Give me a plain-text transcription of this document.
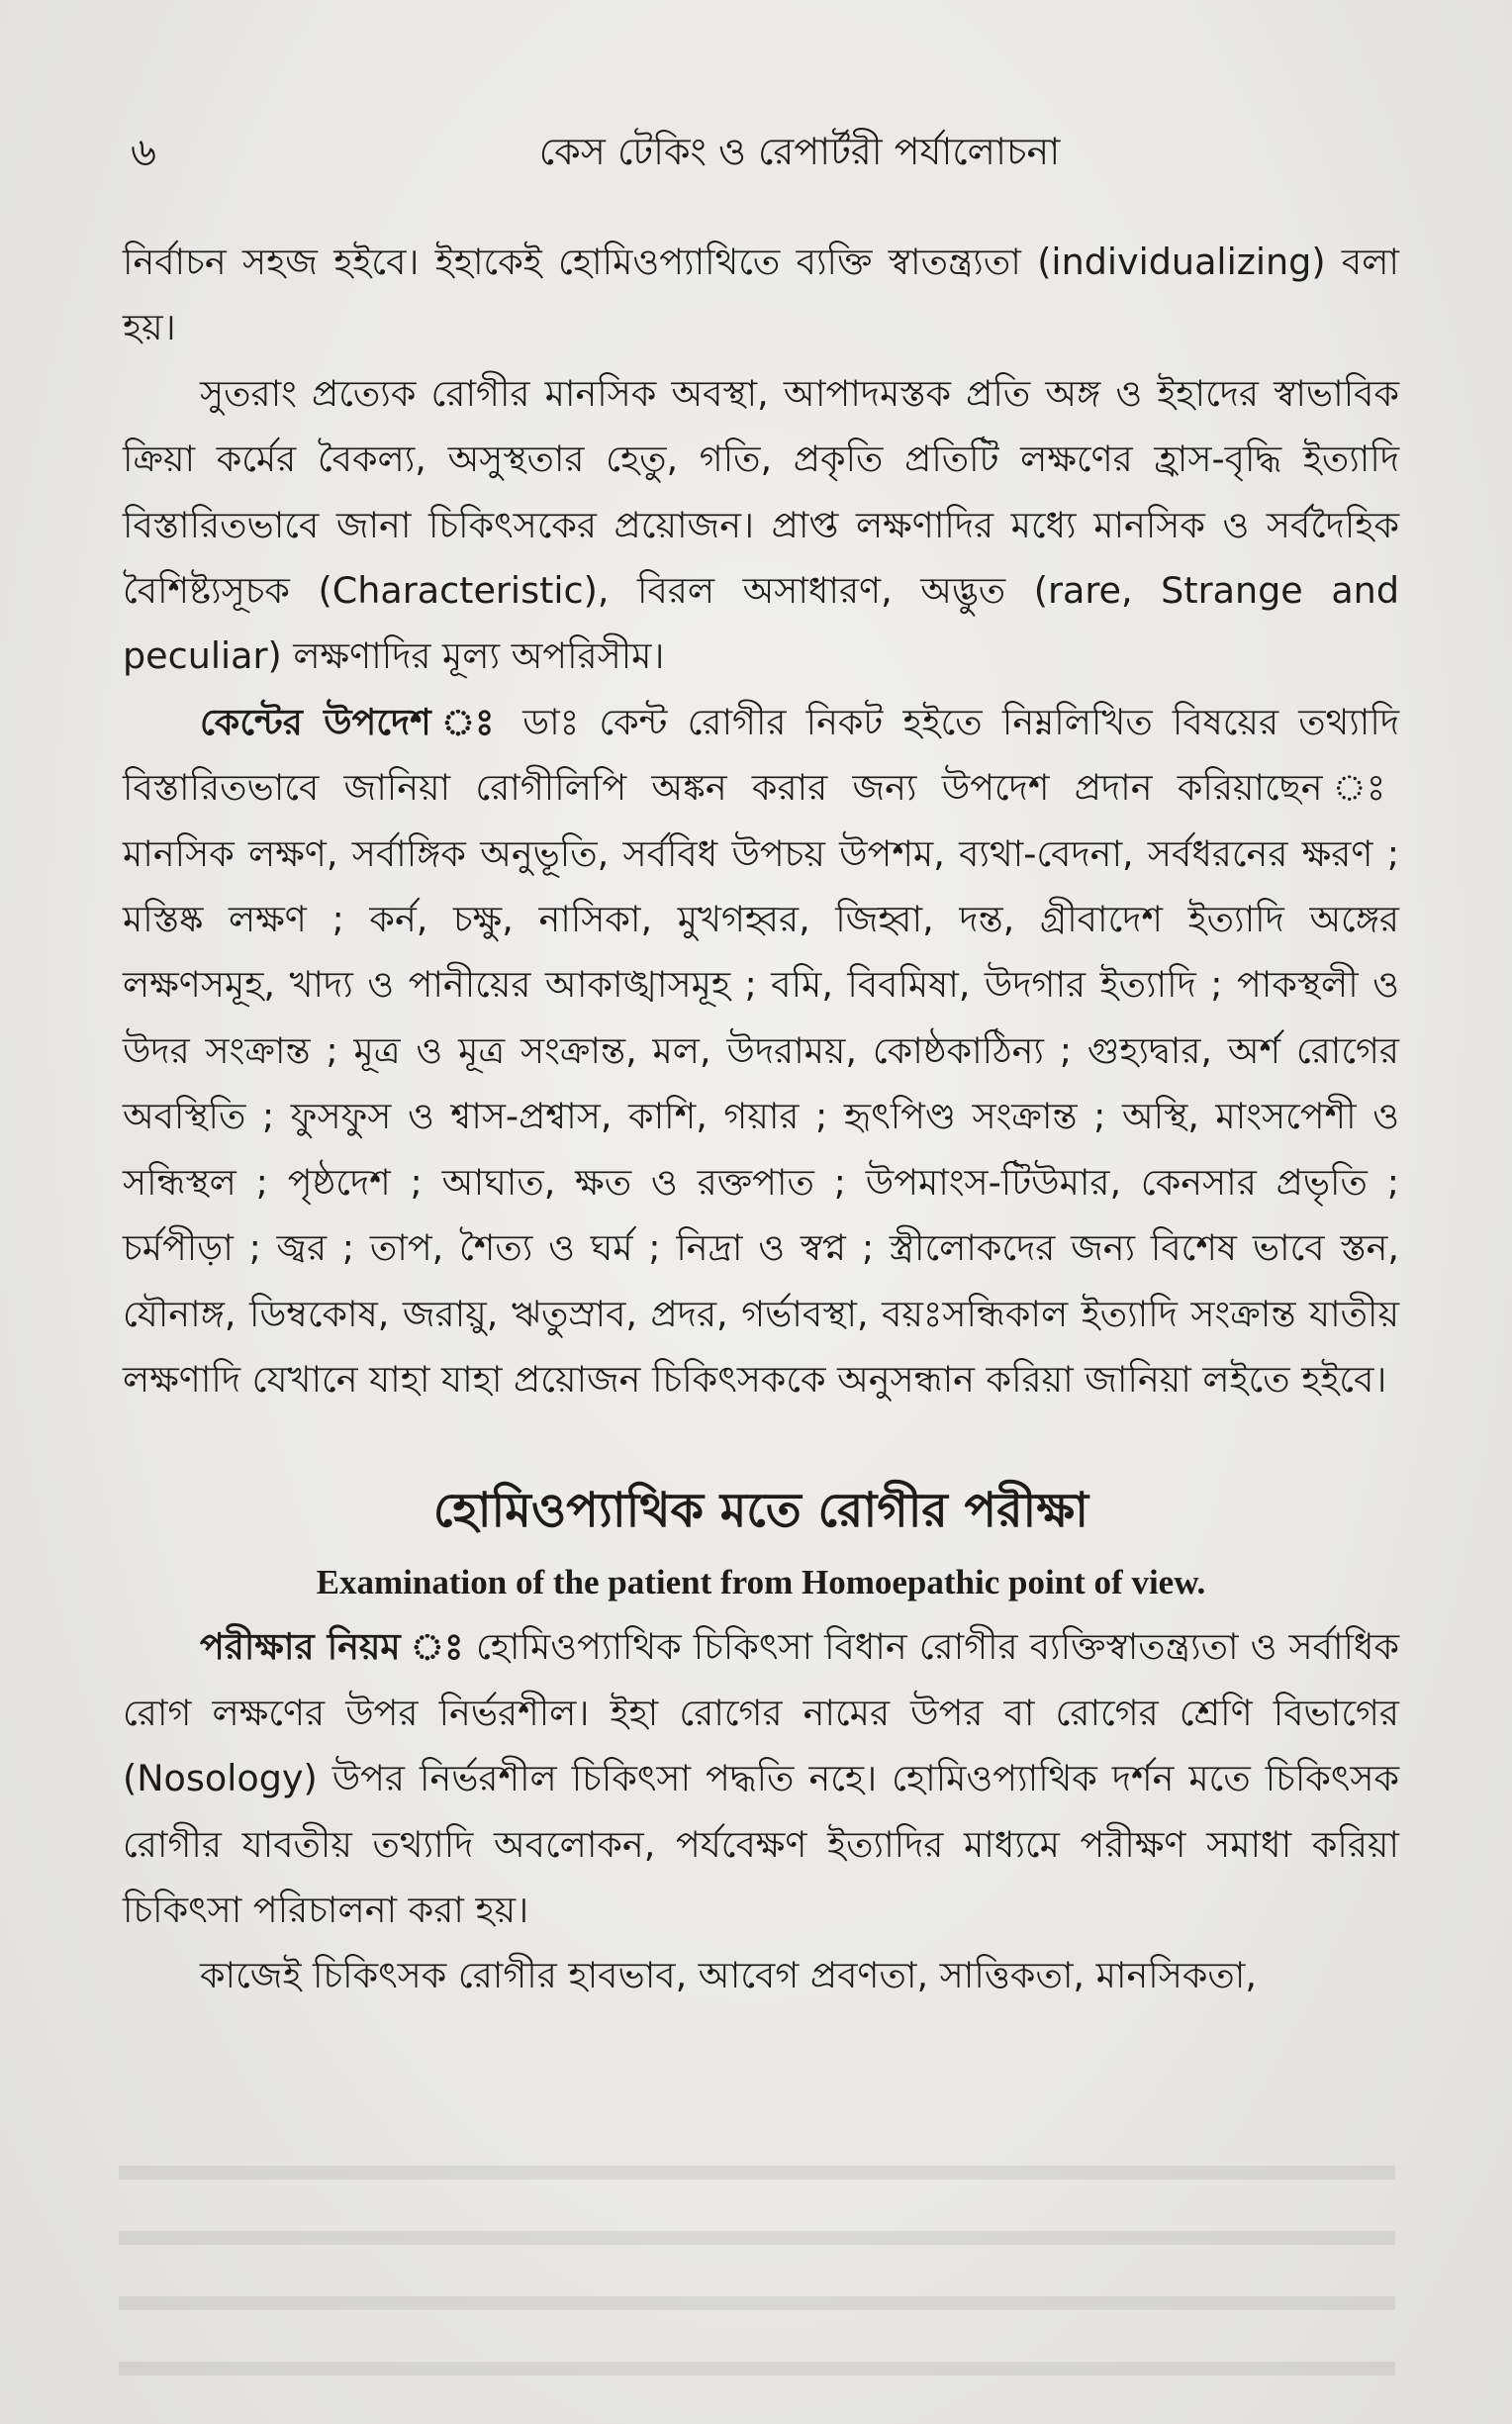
৬	কেস টেকিং ও রেপার্টরী পর্যালোচনা

নির্বাচন সহজ হইবে। ইহাকেই হোমিওপ্যাথিতে ব্যক্তি স্বাতন্ত্র্যতা (individualizing) বলা হয়।

সুতরাং প্রত্যেক রোগীর মানসিক অবস্থা, আপাদমস্তক প্রতি অঙ্গ ও ইহাদের স্বাভাবিক ক্রিয়া কর্মের বৈকল্য, অসুস্থতার হেতু, গতি, প্রকৃতি প্রতিটি লক্ষণের হ্রাস-বৃদ্ধি ইত্যাদি বিস্তারিতভাবে জানা চিকিৎসকের প্রয়োজন। প্রাপ্ত লক্ষণাদির মধ্যে মানসিক ও সর্বদৈহিক বৈশিষ্ট্যসূচক (Characteristic), বিরল অসাধারণ, অদ্ভুত (rare, Strange and peculiar) লক্ষণাদির মূল্য অপরিসীম।

কেন্টের উপদেশ ঃ ডাঃ কেন্ট রোগীর নিকট হইতে নিম্নলিখিত বিষয়ের তথ্যাদি বিস্তারিতভাবে জানিয়া রোগীলিপি অঙ্কন করার জন্য উপদেশ প্রদান করিয়াছেন ঃ মানসিক লক্ষণ, সর্বাঙ্গিক অনুভূতি, সর্ববিধ উপচয় উপশম, ব্যথা-বেদনা, সর্বধরনের ক্ষরণ ; মস্তিষ্ক লক্ষণ ; কর্ন, চক্ষু, নাসিকা, মুখগহ্বর, জিহ্বা, দন্ত, গ্রীবাদেশ ইত্যাদি অঙ্গের লক্ষণসমূহ, খাদ্য ও পানীয়ের আকাঙ্খাসমূহ ; বমি, বিবমিষা, উদগার ইত্যাদি ; পাকস্থলী ও উদর সংক্রান্ত ; মূত্র ও মূত্র সংক্রান্ত, মল, উদরাময়, কোষ্ঠকাঠিন্য ; গুহ্যদ্বার, অর্শ রোগের অবস্থিতি ; ফুসফুস ও শ্বাস-প্রশ্বাস, কাশি, গয়ার ; হৃৎপিণ্ড সংক্রান্ত ; অস্থি, মাংসপেশী ও সন্ধিস্থল ; পৃষ্ঠদেশ ; আঘাত, ক্ষত ও রক্তপাত ; উপমাংস-টিউমার, কেনসার প্রভৃতি ; চর্মপীড়া ; জ্বর ; তাপ, শৈত্য ও ঘর্ম ; নিদ্রা ও স্বপ্ন ; স্ত্রীলোকদের জন্য বিশেষ ভাবে স্তন, যৌনাঙ্গ, ডিম্বকোষ, জরায়ু, ঋতুস্রাব, প্রদর, গর্ভাবস্থা, বয়ঃসন্ধিকাল ইত্যাদি সংক্রান্ত যাতীয় লক্ষণাদি যেখানে যাহা যাহা প্রয়োজন চিকিৎসককে অনুসন্ধান করিয়া জানিয়া লইতে হইবে।

হোমিওপ্যাথিক মতে রোগীর পরীক্ষা
Examination of the patient from Homoepathic point of view.

পরীক্ষার নিয়ম ঃ হোমিওপ্যাথিক চিকিৎসা বিধান রোগীর ব্যক্তিস্বাতন্ত্র্যতা ও সর্বাধিক রোগ লক্ষণের উপর নির্ভরশীল। ইহা রোগের নামের উপর বা রোগের শ্রেণি বিভাগের (Nosology) উপর নির্ভরশীল চিকিৎসা পদ্ধতি নহে। হোমিওপ্যাথিক দর্শন মতে চিকিৎসক রোগীর যাবতীয় তথ্যাদি অবলোকন, পর্যবেক্ষণ ইত্যাদির মাধ্যমে পরীক্ষণ সমাধা করিয়া চিকিৎসা পরিচালনা করা হয়।

কাজেই চিকিৎসক রোগীর হাবভাব, আবেগ প্রবণতা, সাত্তিকতা, মানসিকতা,
